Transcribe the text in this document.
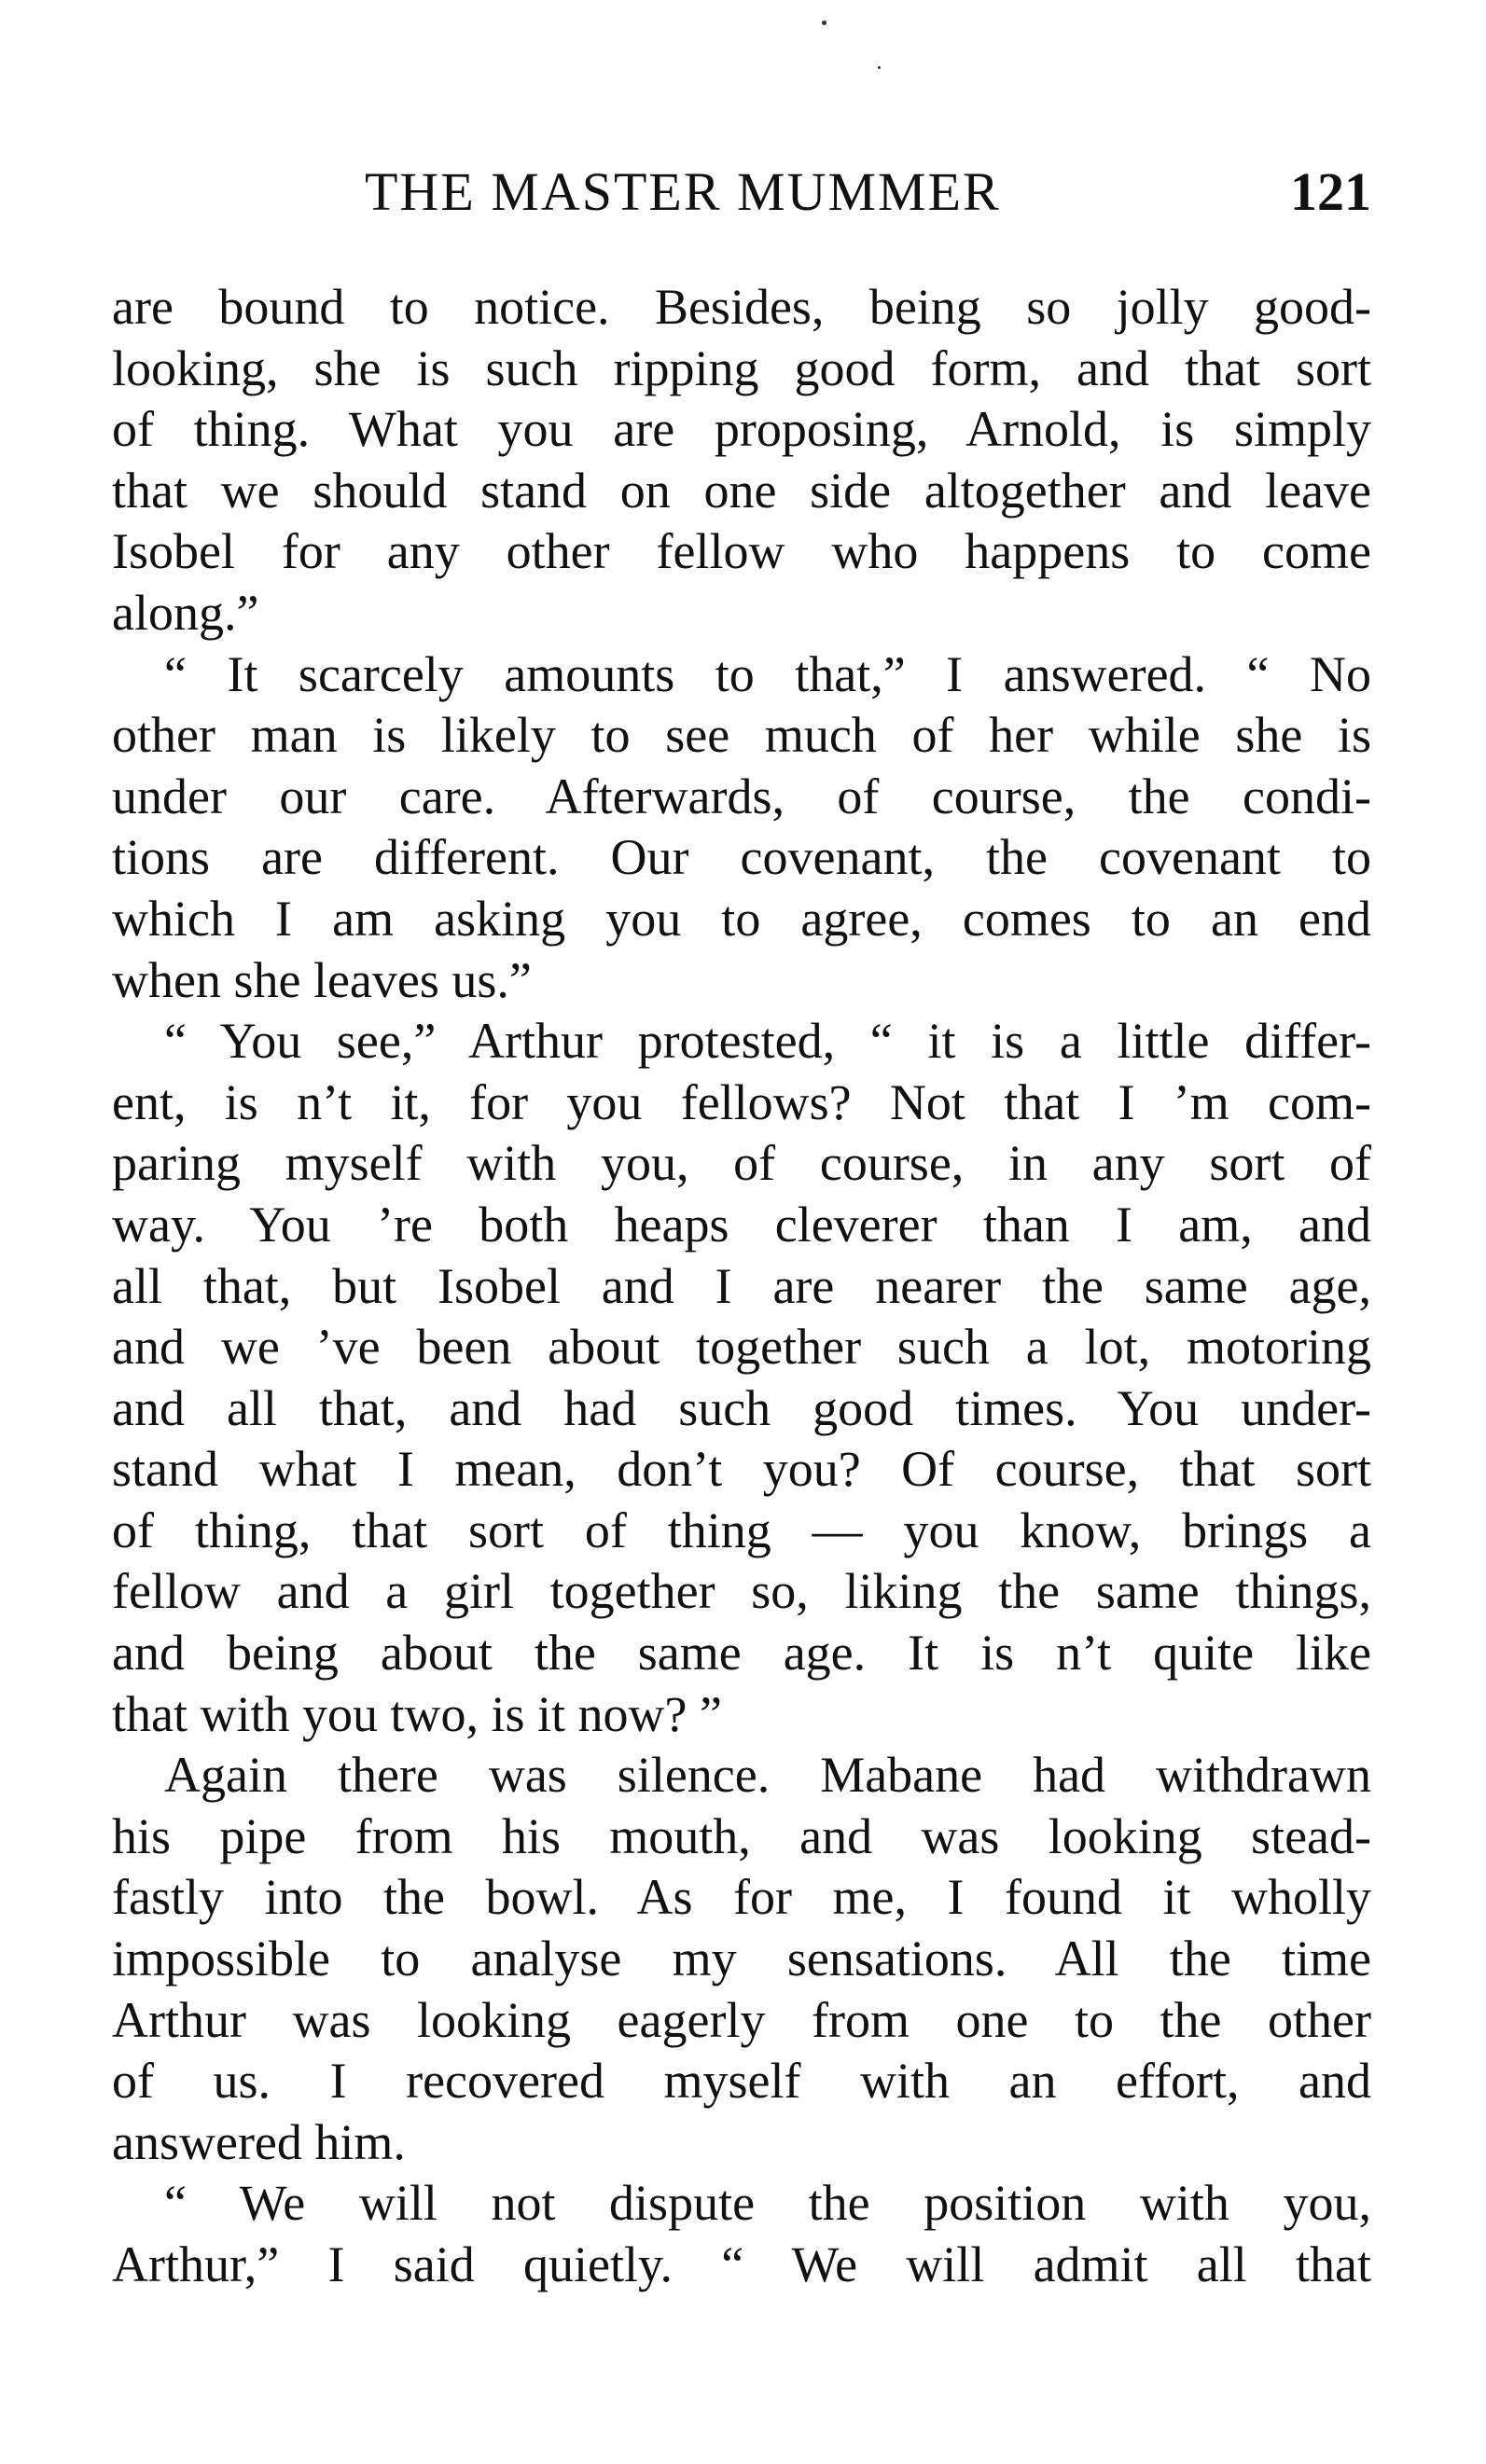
THE MASTER MUMMER	121
are bound to notice. Besides, being so jolly good-
looking, she is such ripping good form, and that sort
of thing. What you are proposing, Arnold, is simply
that we should stand on one side altogether and leave
Isobel for any other fellow who happens to come
along.”
“ It scarcely amounts to that,” I answered. “ No
other man is likely to see much of her while she is
under our care. Afterwards, of course, the condi-
tions are different. Our covenant, the covenant to
which I am asking you to agree, comes to an end
when she leaves us.”
“ You see,” Arthur protested, “ it is a little differ-
ent, is n’t it, for you fellows? Not that I ’m com-
paring myself with you, of course, in any sort of
way. You ’re both heaps cleverer than I am, and
all that, but Isobel and I are nearer the same age,
and we ’ve been about together such a lot, motoring
and all that, and had such good times. You under-
stand what I mean, don’t you? Of course, that sort
of thing, that sort of thing — you know, brings a
fellow and a girl together so, liking the same things,
and being about the same age. It is n’t quite like
that with you two, is it now? ”
Again there was silence. Mabane had withdrawn
his pipe from his mouth, and was looking stead-
fastly into the bowl. As for me, I found it wholly
impossible to analyse my sensations. All the time
Arthur was looking eagerly from one to the other
of us. I recovered myself with an effort, and
answered him.
“ We will not dispute the position with you,
Arthur,” I said quietly. “ We will admit all that
